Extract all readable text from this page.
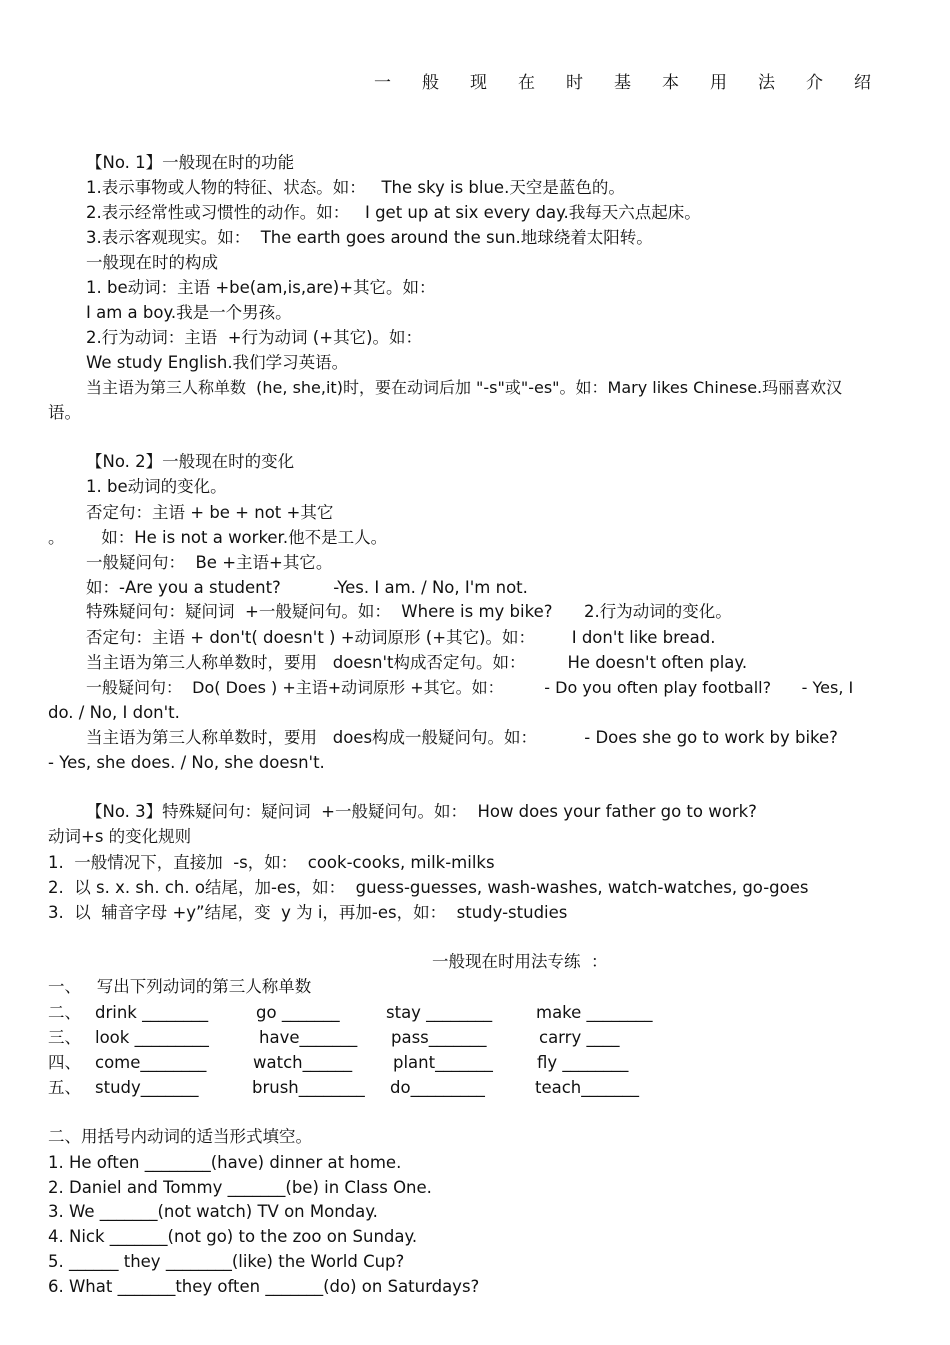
一般现在时基本用法介绍
【No. 1】一般现在时的功能
1.表示事物或人物的特征、状态。如：   The sky is blue.天空是蓝色的。
2.表示经常性或习惯性的动作。如：   I get up at six every day.我每天六点起床。
3.表示客观现实。如：  The earth goes around the sun.地球绕着太阳转。
一般现在时的构成
1. be动词：主语 +be(am,is,are)+其它。如：
I am a boy.我是一个男孩。
2.行为动词：主语  +行为动词 (+其它)。如：
We study English.我们学习英语。
当主语为第三人称单数  (he, she,it)时，要在动词后加 "-s"或"-es"。如：Mary likes Chinese.玛丽喜欢汉
语。
【No. 2】一般现在时的变化
1. be动词的变化。
否定句：主语 + be + not +其它
。       如：He is not a worker.他不是工人。
一般疑问句：  Be +主语+其它。
如：-Are you a student?          -Yes. I am. / No, I'm not.
特殊疑问句：疑问词  +一般疑问句。如：  Where is my bike?      2.行为动词的变化。
否定句：主语 + don't( doesn't ) +动词原形 (+其它)。如：       I don't like bread.
当主语为第三人称单数时，要用   doesn't构成否定句。如：        He doesn't often play.
一般疑问句：  Do( Does ) +主语+动词原形 +其它。如：        - Do you often play football?      - Yes, I
do. / No, I don't.
当主语为第三人称单数时，要用   does构成一般疑问句。如：         - Does she go to work by bike?
- Yes, she does. / No, she doesn't.
【No. 3】特殊疑问句：疑问词  +一般疑问句。如：  How does your father go to work?
动词+s 的变化规则
1.  一般情况下，直接加  -s，如：  cook-cooks, milk-milks
2.  以 s. x. sh. ch. o结尾，加-es，如：  guess-guesses, wash-washes, watch-watches, go-goes
3.  以  辅音字母 +y”结尾，变  y 为 i，再加-es，如：  study-studies
一般现在时用法专练  ：
一、   写出下列动词的第三人称单数
二、 drink ________	go _______	stay ________	make ________
三、 look _________	have_______ pass_______	carry ____
四、 come________	watch______ plant_______	fly ________
五、 study_______	brush________ do_________	teach_______
二、用括号内动词的适当形式填空。
1. He often ________(have) dinner at home.
2. Daniel and Tommy _______(be) in Class One.
3. We _______(not watch) TV on Monday.
4. Nick _______(not go) to the zoo on Sunday.
5. ______ they ________(like) the World Cup?
6. What _______they often _______(do) on Saturdays?
